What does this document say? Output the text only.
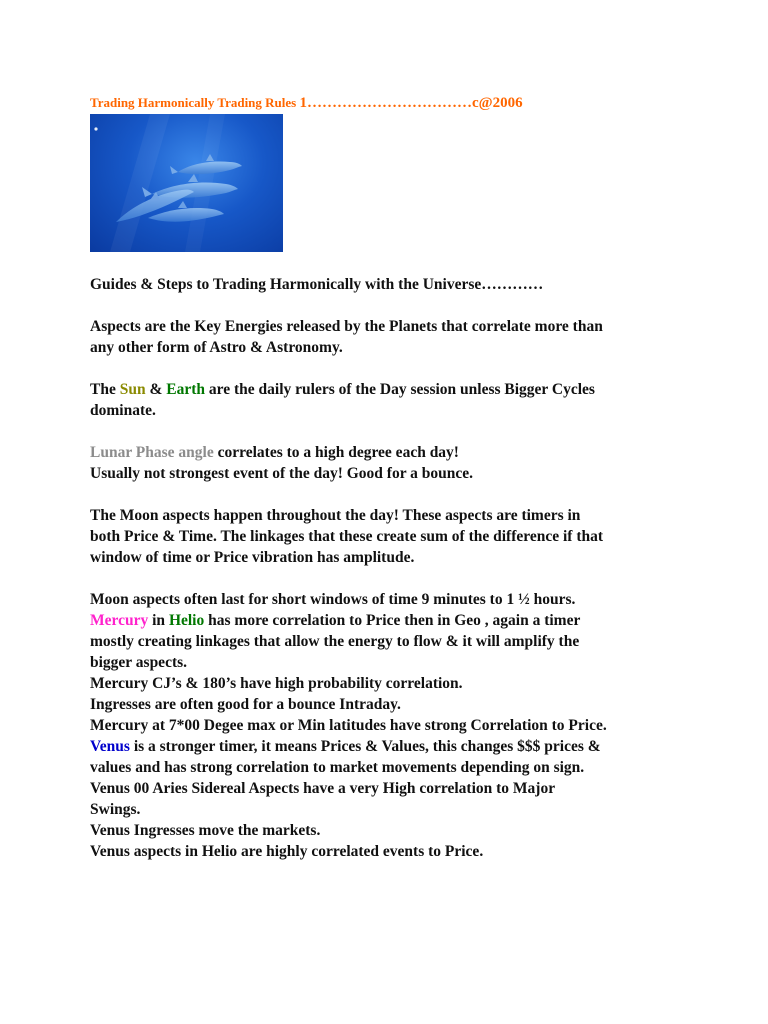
Trading Harmonically Trading Rules 1……………………………c@2006
Guides & Steps to Trading Harmonically with the Universe…………
Aspects are the Key Energies released by the Planets that correlate more than
any other form of Astro & Astronomy.
The Sun & Earth are the daily rulers of the Day session unless Bigger Cycles
dominate.
Lunar Phase angle correlates to a high degree each day!
Usually not strongest event of the day! Good for a bounce.
The Moon aspects happen throughout the day! These aspects are timers in
both Price & Time. The linkages that these create sum of the difference if that
window of time or Price vibration has amplitude.
Moon aspects often last for short windows of time 9 minutes to 1 ½ hours.
Mercury in Helio has more correlation to Price then in Geo , again a timer
mostly creating linkages that allow the energy to flow & it will amplify the
bigger aspects.
Mercury CJ’s & 180’s have high probability correlation.
Ingresses are often good for a bounce Intraday.
Mercury at 7*00 Degee max or Min latitudes have strong Correlation to Price.
Venus is a stronger timer, it means Prices & Values, this changes $$$ prices &
values and has strong correlation to market movements depending on sign.
Venus 00 Aries Sidereal Aspects have a very High correlation to Major
Swings.
Venus Ingresses move the markets.
Venus aspects in Helio are highly correlated events to Price.
